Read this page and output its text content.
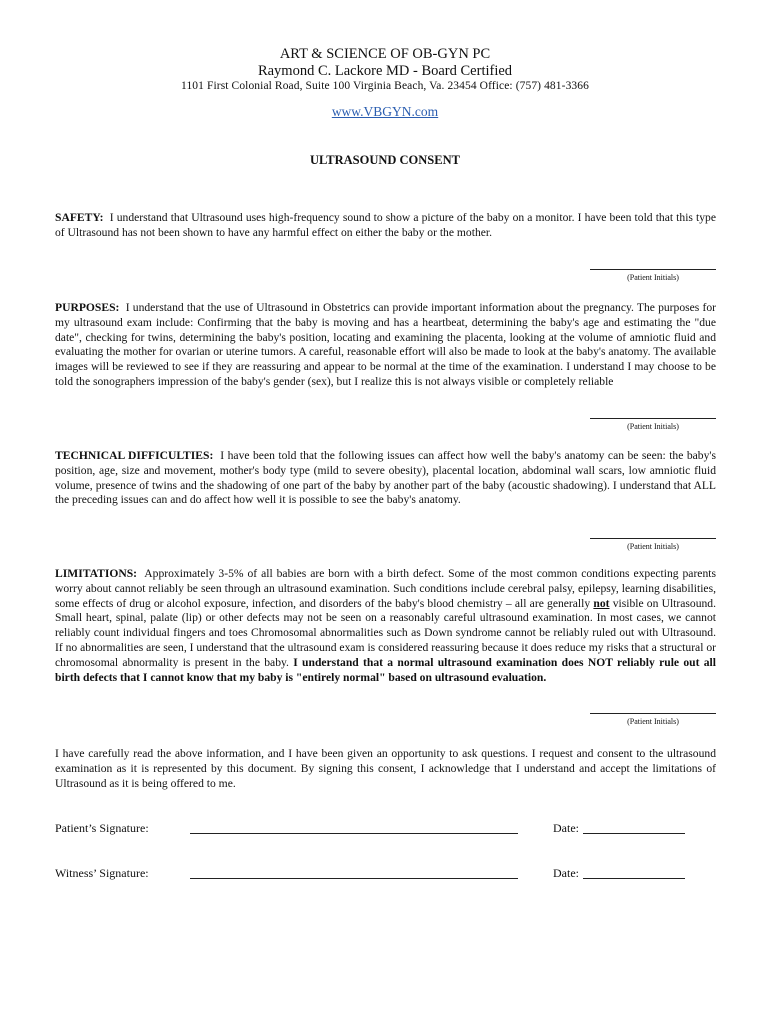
ART & SCIENCE OF OB-GYN PC
Raymond C. Lackore MD - Board Certified
1101 First Colonial Road, Suite 100 Virginia Beach, Va. 23454 Office: (757) 481-3366
www.VBGYN.com
ULTRASOUND CONSENT

SAFETY: I understand that Ultrasound uses high-frequency sound to show a picture of the baby on a monitor. I have been told that this type of Ultrasound has not been shown to have any harmful effect on either the baby or the mother.

(Patient Initials)

PURPOSES: I understand that the use of Ultrasound in Obstetrics can provide important information about the pregnancy. The purposes for my ultrasound exam include: Confirming that the baby is moving and has a heartbeat, determining the baby's age and estimating the "due date", checking for twins, determining the baby's position, locating and examining the placenta, looking at the volume of amniotic fluid and evaluating the mother for ovarian or uterine tumors. A careful, reasonable effort will also be made to look at the baby's anatomy. The available images will be reviewed to see if they are reassuring and appear to be normal at the time of the examination. I understand I may choose to be told the sonographers impression of the baby's gender (sex), but I realize this is not always visible or completely reliable

(Patient Initials)

TECHNICAL DIFFICULTIES: I have been told that the following issues can affect how well the baby's anatomy can be seen: the baby's position, age, size and movement, mother's body type (mild to severe obesity), placental location, abdominal wall scars, low amniotic fluid volume, presence of twins and the shadowing of one part of the baby by another part of the baby (acoustic shadowing). I understand that ALL the preceding issues can and do affect how well it is possible to see the baby's anatomy.

(Patient Initials)

LIMITATIONS: Approximately 3-5% of all babies are born with a birth defect. Some of the most common conditions expecting parents worry about cannot reliably be seen through an ultrasound examination. Such conditions include cerebral palsy, epilepsy, learning disabilities, some effects of drug or alcohol exposure, infection, and disorders of the baby's blood chemistry – all are generally not visible on Ultrasound. Small heart, spinal, palate (lip) or other defects may not be seen on a reasonably careful ultrasound examination. In most cases, we cannot reliably count individual fingers and toes Chromosomal abnormalities such as Down syndrome cannot be reliably ruled out with Ultrasound. If no abnormalities are seen, I understand that the ultrasound exam is considered reassuring because it does reduce my risks that a structural or chromosomal abnormality is present in the baby. I understand that a normal ultrasound examination does NOT reliably rule out all birth defects that I cannot know that my baby is "entirely normal" based on ultrasound evaluation.

(Patient Initials)

I have carefully read the above information, and I have been given an opportunity to ask questions. I request and consent to the ultrasound examination as it is represented by this document. By signing this consent, I acknowledge that I understand and accept the limitations of Ultrasound as it is being offered to me.

Patient’s Signature:	Date:
Witness’ Signature:	Date:
